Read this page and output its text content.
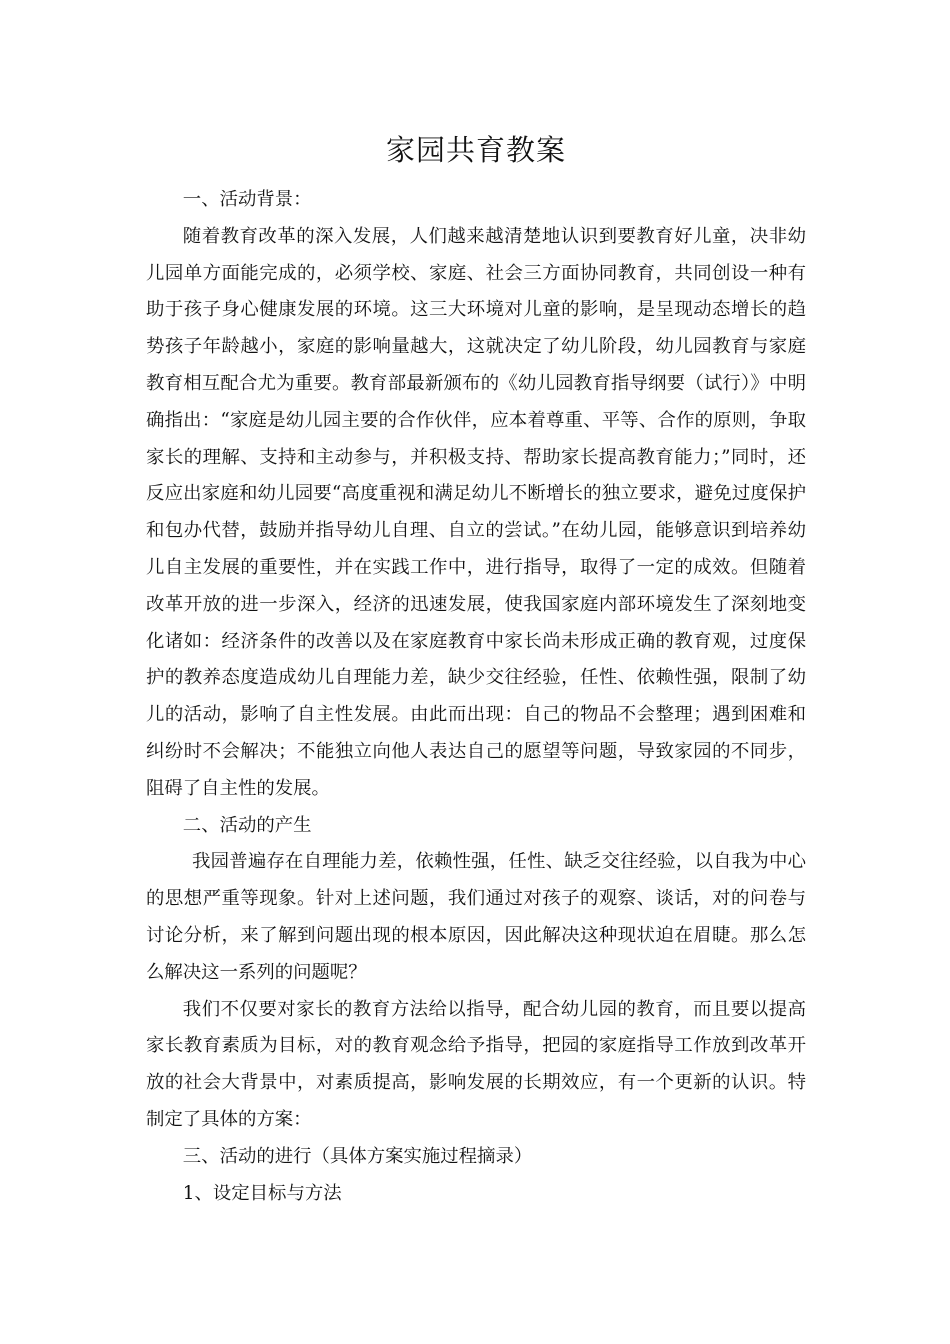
家园共育教案

一、活动背景：

随着教育改革的深入发展，人们越来越清楚地认识到要教育好儿童，决非幼儿园单方面能完成的，必须学校、家庭、社会三方面协同教育，共同创设一种有助于孩子身心健康发展的环境。这三大环境对儿童的影响，是呈现动态增长的趋势孩子年龄越小，家庭的影响量越大，这就决定了幼儿阶段，幼儿园教育与家庭教育相互配合尤为重要。教育部最新颁布的《幼儿园教育指导纲要（试行）》中明确指出：“家庭是幼儿园主要的合作伙伴，应本着尊重、平等、合作的原则，争取家长的理解、支持和主动参与，并积极支持、帮助家长提高教育能力；”同时，还反应出家庭和幼儿园要“高度重视和满足幼儿不断增长的独立要求，避免过度保护和包办代替，鼓励并指导幼儿自理、自立的尝试。”在幼儿园，能够意识到培养幼儿自主发展的重要性，并在实践工作中，进行指导，取得了一定的成效。但随着改革开放的进一步深入，经济的迅速发展，使我国家庭内部环境发生了深刻地变化诸如：经济条件的改善以及在家庭教育中家长尚未形成正确的教育观，过度保护的教养态度造成幼儿自理能力差，缺少交往经验，任性、依赖性强，限制了幼儿的活动，影响了自主性发展。由此而出现：自己的物品不会整理；遇到困难和纠纷时不会解决；不能独立向他人表达自己的愿望等问题，导致家园的不同步，阻碍了自主性的发展。

二、活动的产生

我园普遍存在自理能力差，依赖性强，任性、缺乏交往经验，以自我为中心的思想严重等现象。针对上述问题，我们通过对孩子的观察、谈话，对的问卷与讨论分析，来了解到问题出现的根本原因，因此解决这种现状迫在眉睫。那么怎么解决这一系列的问题呢？

我们不仅要对家长的教育方法给以指导，配合幼儿园的教育，而且要以提高家长教育素质为目标，对的教育观念给予指导，把园的家庭指导工作放到改革开放的社会大背景中，对素质提高，影响发展的长期效应，有一个更新的认识。特制定了具体的方案：

三、活动的进行（具体方案实施过程摘录）

1、设定目标与方法
